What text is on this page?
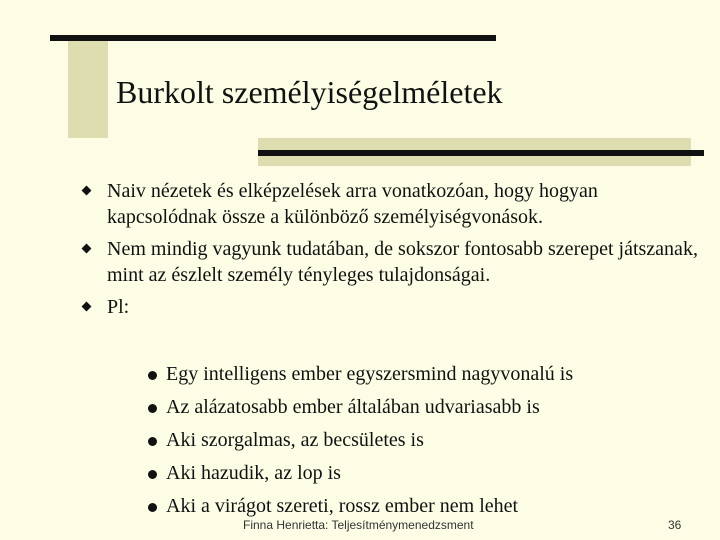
Burkolt személyiségelméletek
Naiv nézetek és elképzelések arra vonatkozóan, hogy hogyan kapcsolódnak össze a különböző személyiségvonások.
Nem mindig vagyunk tudatában, de sokszor fontosabb szerepet játszanak, mint az észlelt személy tényleges tulajdonságai.
Pl:
Egy intelligens ember egyszersmind nagyvonalú is
Az alázatosabb ember általában udvariasabb is
Aki szorgalmas, az becsületes is
Aki hazudik, az lop is
Aki a virágot szereti, rossz ember nem lehet
Finna Henrietta: Teljesítménymenedzsment	36
